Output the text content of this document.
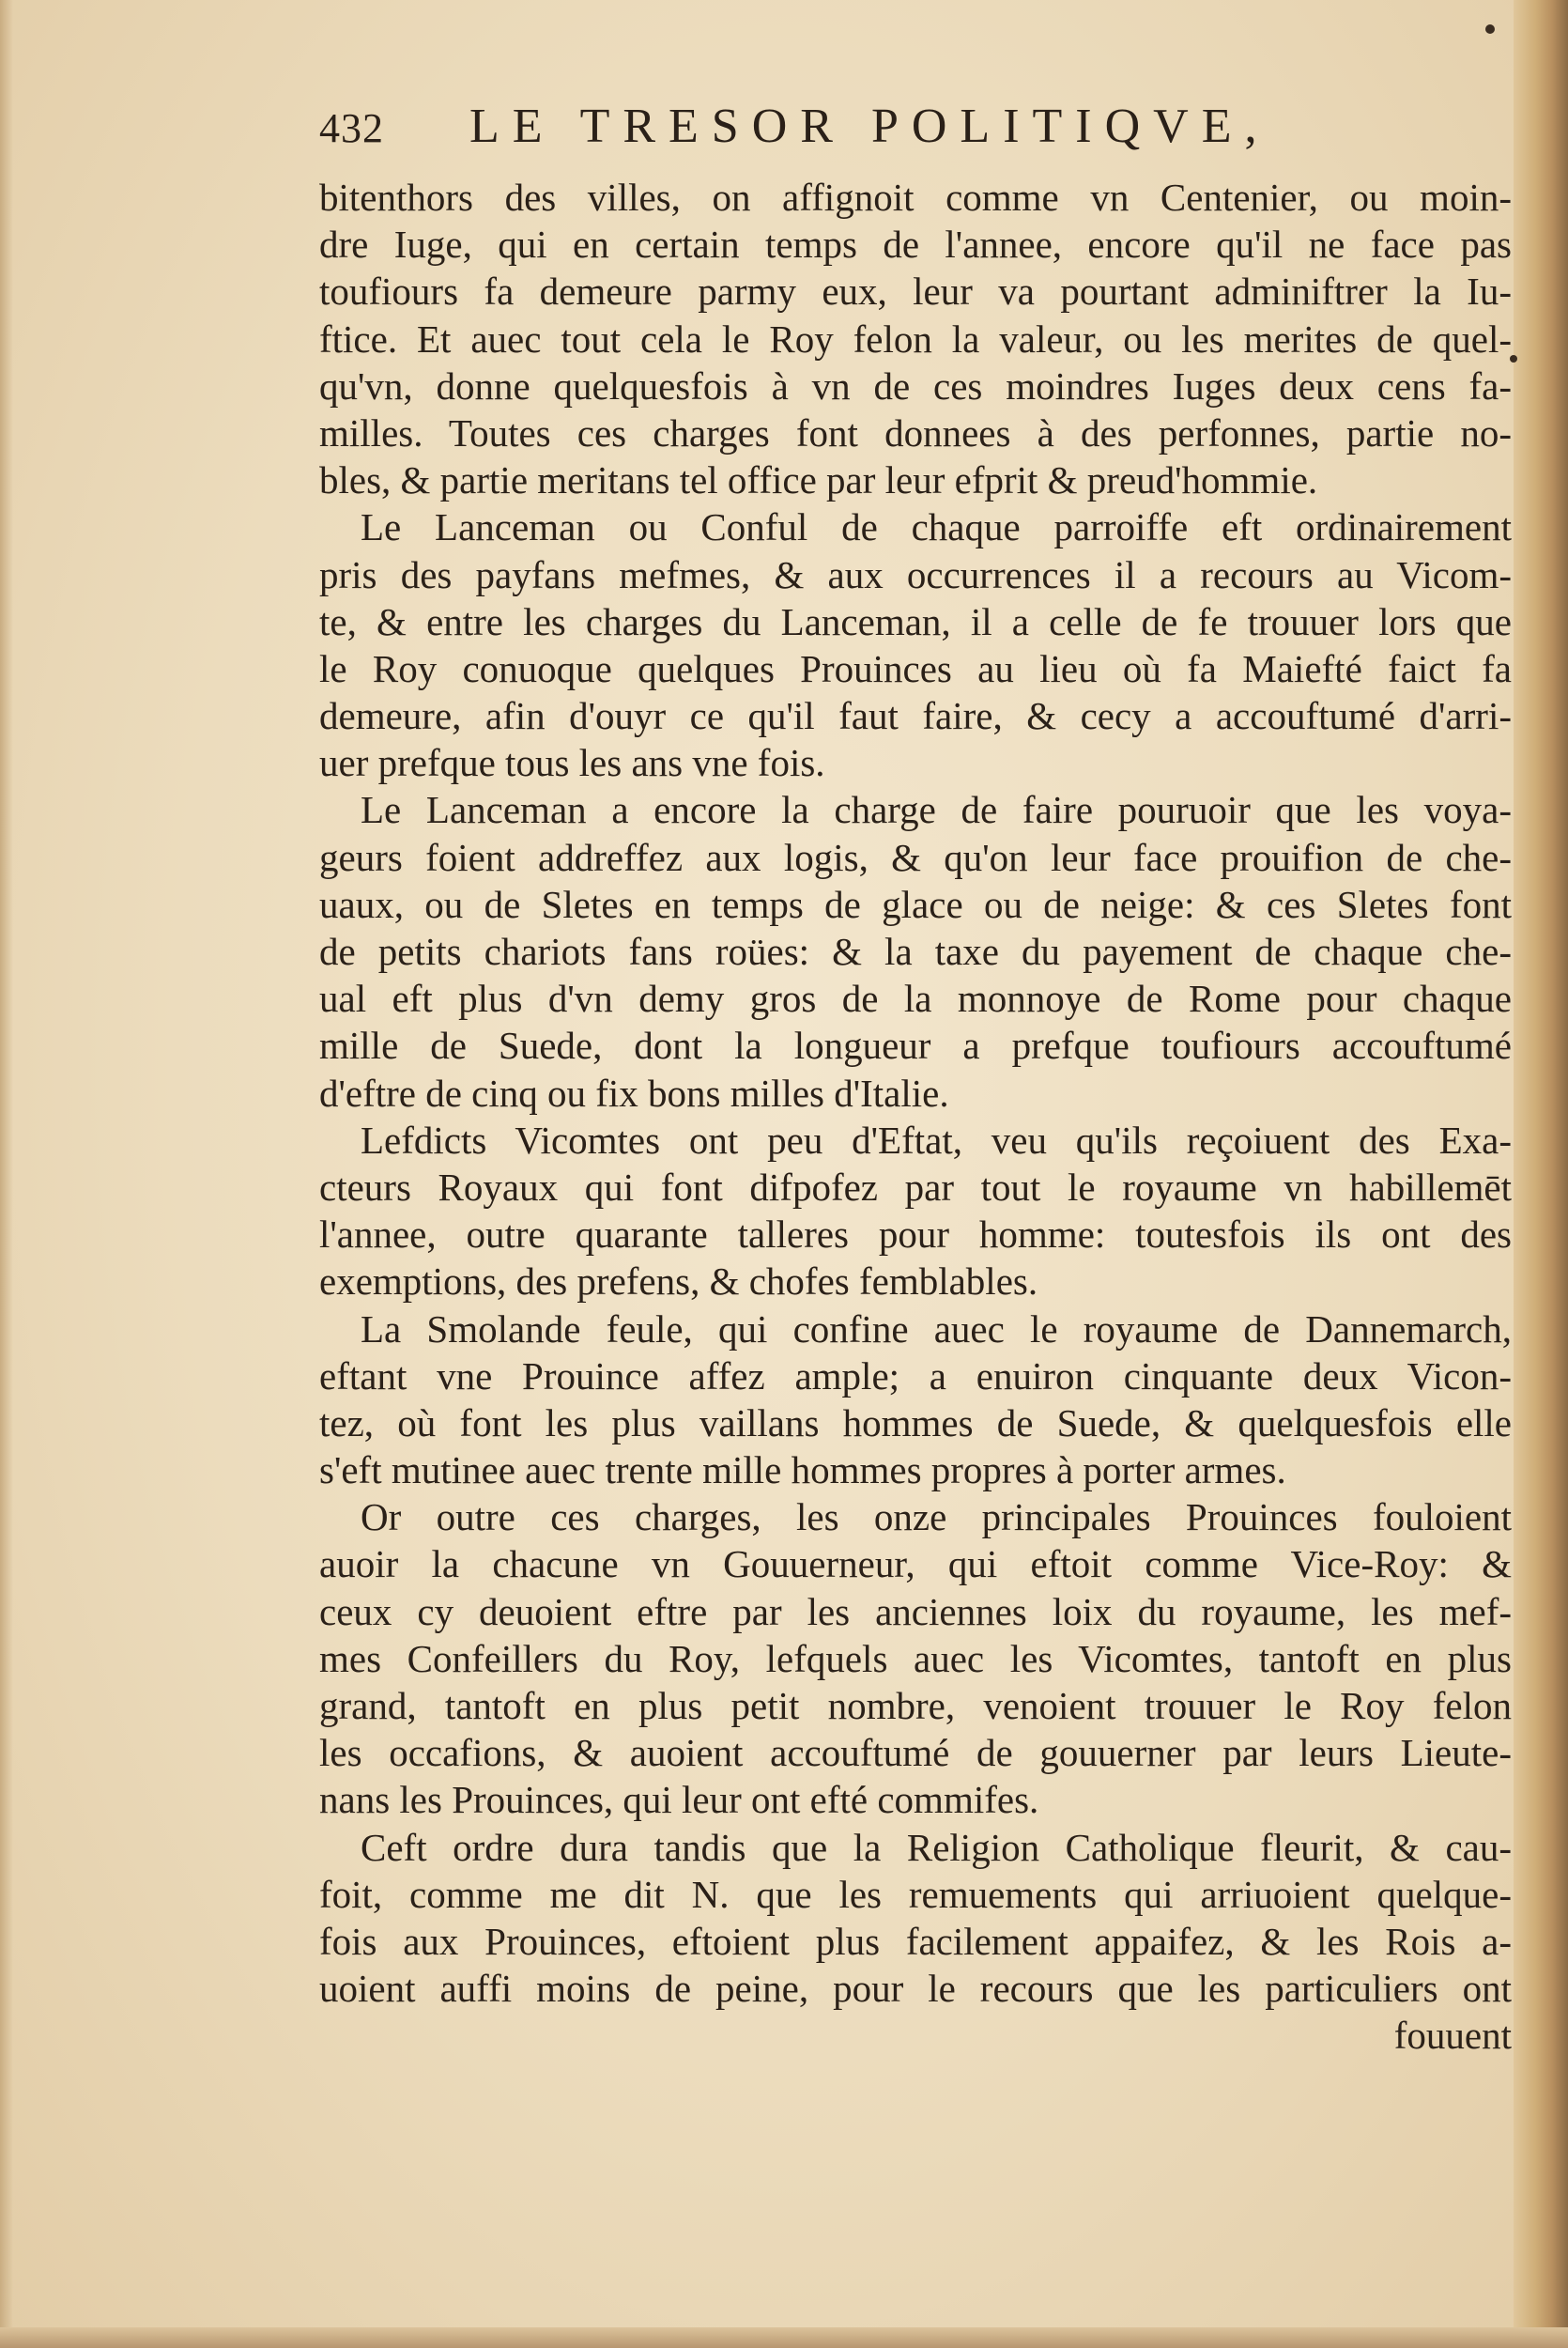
432	LE TRESOR POLITIQVE,
bitenthors des villes, on affignoit comme vn Centenier, ou moin-
dre Iuge, qui en certain temps de l'annee, encore qu'il ne face pas
toufiours fa demeure parmy eux, leur va pourtant adminiftrer la Iu-
ftice. Et auec tout cela le Roy felon la valeur, ou les merites de quel-
qu'vn, donne quelquesfois à vn de ces moindres Iuges deux cens fa-
milles. Toutes ces charges font donnees à des perfonnes, partie no-
bles, & partie meritans tel office par leur efprit & preud'hommie.
Le Lanceman ou Conful de chaque parroiffe eft ordinairement
pris des payfans mefmes, & aux occurrences il a recours au Vicom-
te, & entre les charges du Lanceman, il a celle de fe trouuer lors que
le Roy conuoque quelques Prouinces au lieu où fa Maiefté faict fa
demeure, afin d'ouyr ce qu'il faut faire, & cecy a accouftumé d'arri-
uer prefque tous les ans vne fois.
Le Lanceman a encore la charge de faire pouruoir que les voya-
geurs foient addreffez aux logis, & qu'on leur face prouifion de che-
uaux, ou de Sletes en temps de glace ou de neige: & ces Sletes font
de petits chariots fans roües: & la taxe du payement de chaque che-
ual eft plus d'vn demy gros de la monnoye de Rome pour chaque
mille de Suede, dont la longueur a prefque toufiours accouftumé
d'eftre de cinq ou fix bons milles d'Italie.
Lefdicts Vicomtes ont peu d'Eftat, veu qu'ils reçoiuent des Exa-
cteurs Royaux qui font difpofez par tout le royaume vn habillemēt
l'annee, outre quarante talleres pour homme: toutesfois ils ont des
exemptions, des prefens, & chofes femblables.
La Smolande feule, qui confine auec le royaume de Dannemarch,
eftant vne Prouince affez ample; a enuiron cinquante deux Vicon-
tez, où font les plus vaillans hommes de Suede, & quelquesfois elle
s'eft mutinee auec trente mille hommes propres à porter armes.
Or outre ces charges, les onze principales Prouinces fouloient
auoir la chacune vn Gouuerneur, qui eftoit comme Vice-Roy: &
ceux cy deuoient eftre par les anciennes loix du royaume, les mef-
mes Confeillers du Roy, lefquels auec les Vicomtes, tantoft en plus
grand, tantoft en plus petit nombre, venoient trouuer le Roy felon
les occafions, & auoient accouftumé de gouuerner par leurs Lieute-
nans les Prouinces, qui leur ont efté commifes.
Ceft ordre dura tandis que la Religion Catholique fleurit, & cau-
foit, comme me dit N. que les remuements qui arriuoient quelque-
fois aux Prouinces, eftoient plus facilement appaifez, & les Rois a-
uoient auffi moins de peine, pour le recours que les particuliers ont
fouuent
